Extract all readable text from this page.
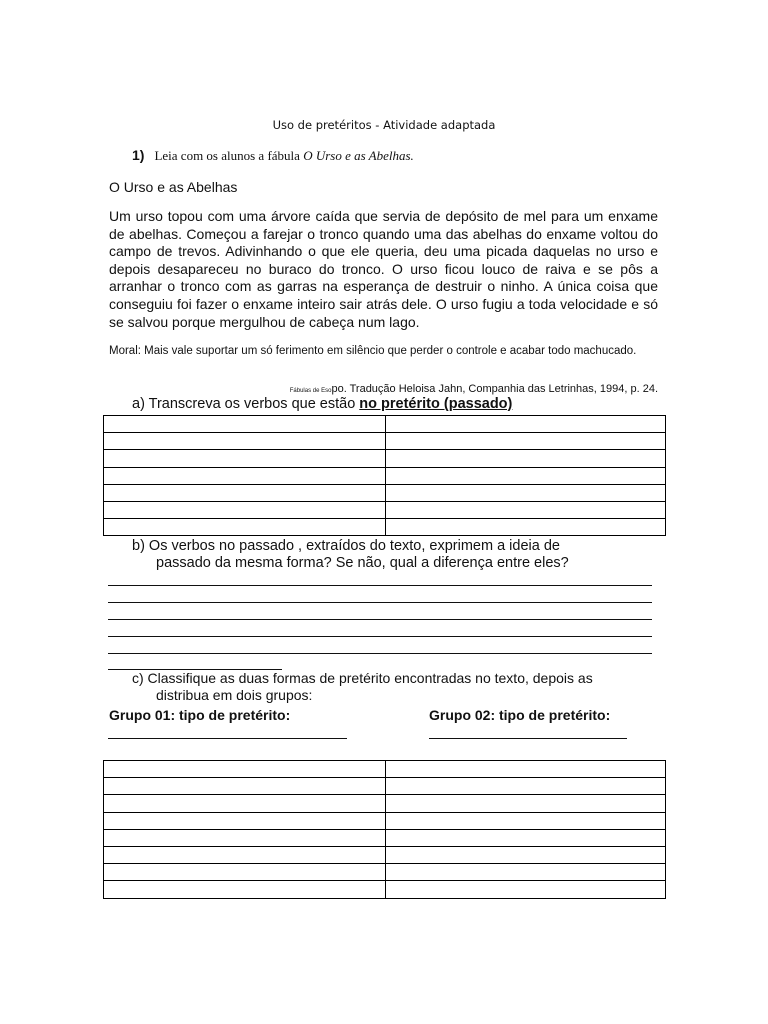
Uso de pretéritos - Atividade adaptada
1) Leia com os alunos a fábula O Urso e as Abelhas.
O Urso e as Abelhas
Um urso topou com uma árvore caída que servia de depósito de mel para um enxame de abelhas. Começou a farejar o tronco quando uma das abelhas do enxame voltou do campo de trevos. Adivinhando o que ele queria, deu uma picada daquelas no urso e depois desapareceu no buraco do tronco. O urso ficou louco de raiva e se pôs a arranhar o tronco com as garras na esperança de destruir o ninho. A única coisa que conseguiu foi fazer o enxame inteiro sair atrás dele. O urso fugiu a toda velocidade e só se salvou porque mergulhou de cabeça num lago.
Moral: Mais vale suportar um só ferimento em silêncio que perder o controle e acabar todo machucado.
Fábulas de Esopo. Tradução Heloisa Jahn, Companhia das Letrinhas, 1994, p. 24.
a) Transcreva os verbos que estão no pretérito (passado)

b) Os verbos no passado , extraídos do texto, exprimem a ideia de
passado da mesma forma? Se não, qual a diferença entre eles?
c) Classifique as duas formas de pretérito encontradas no texto, depois as
distribua em dois grupos:
Grupo 01: tipo de pretérito:	Grupo 02: tipo de pretérito:
